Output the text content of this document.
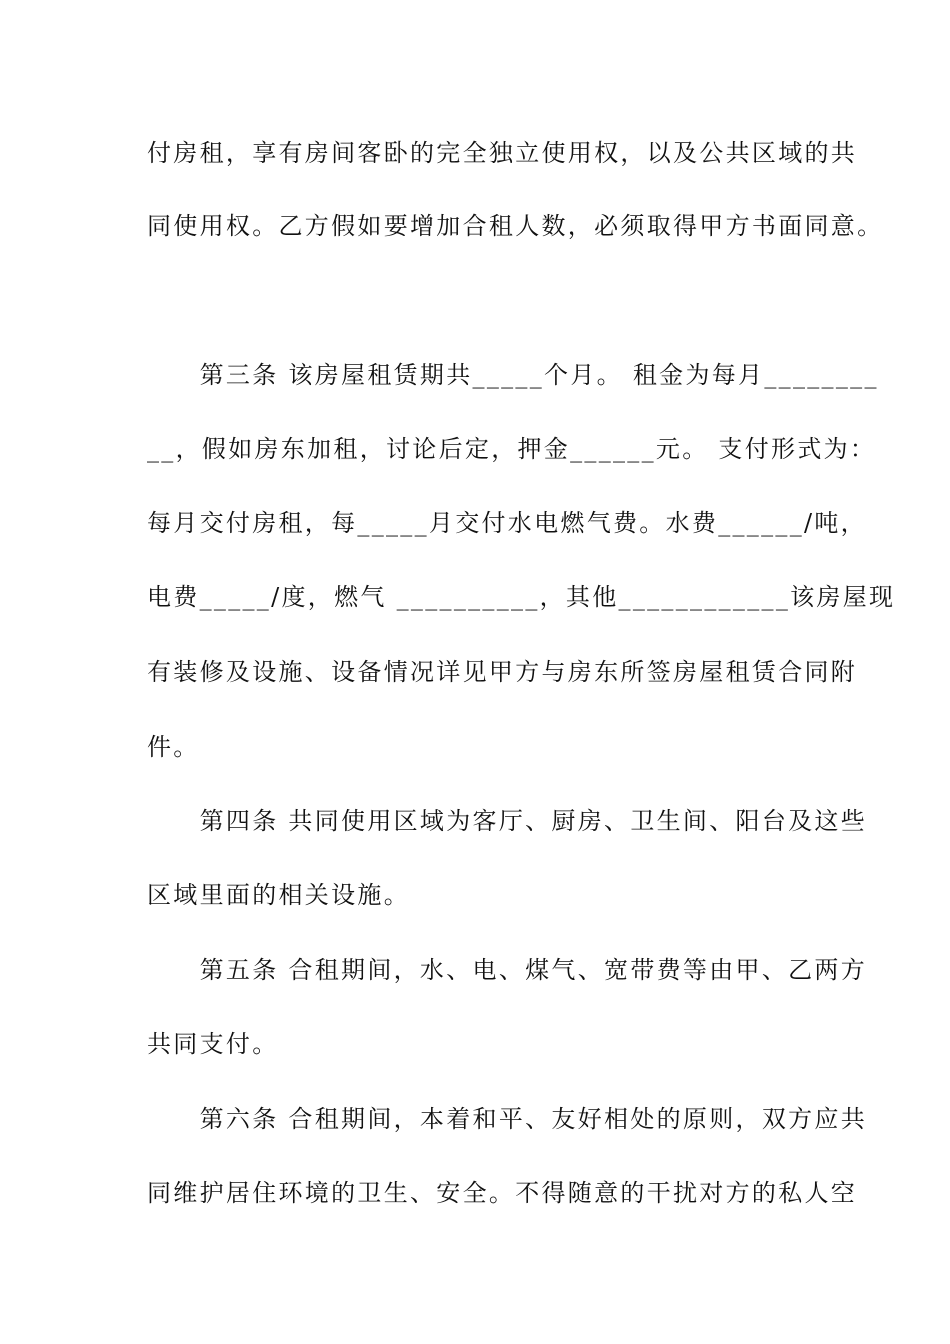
付房租，享有房间客卧的完全独立使用权，以及公共区域的共
同使用权。乙方假如要增加合租人数，必须取得甲方书面同意。
　　第三条 该房屋租赁期共_____个月。 租金为每月________
__，假如房东加租，讨论后定，押金______元。 支付形式为：
每月交付房租，每_____月交付水电燃气费。水费______/吨，
电费_____/度，燃气 __________，其他____________该房屋现
有装修及设施、设备情况详见甲方与房东所签房屋租赁合同附
件。
　　第四条 共同使用区域为客厅、厨房、卫生间、阳台及这些
区域里面的相关设施。
　　第五条 合租期间，水、电、煤气、宽带费等由甲、乙两方
共同支付。
　　第六条 合租期间，本着和平、友好相处的原则，双方应共
同维护居住环境的卫生、安全。不得随意的干扰对方的私人空
